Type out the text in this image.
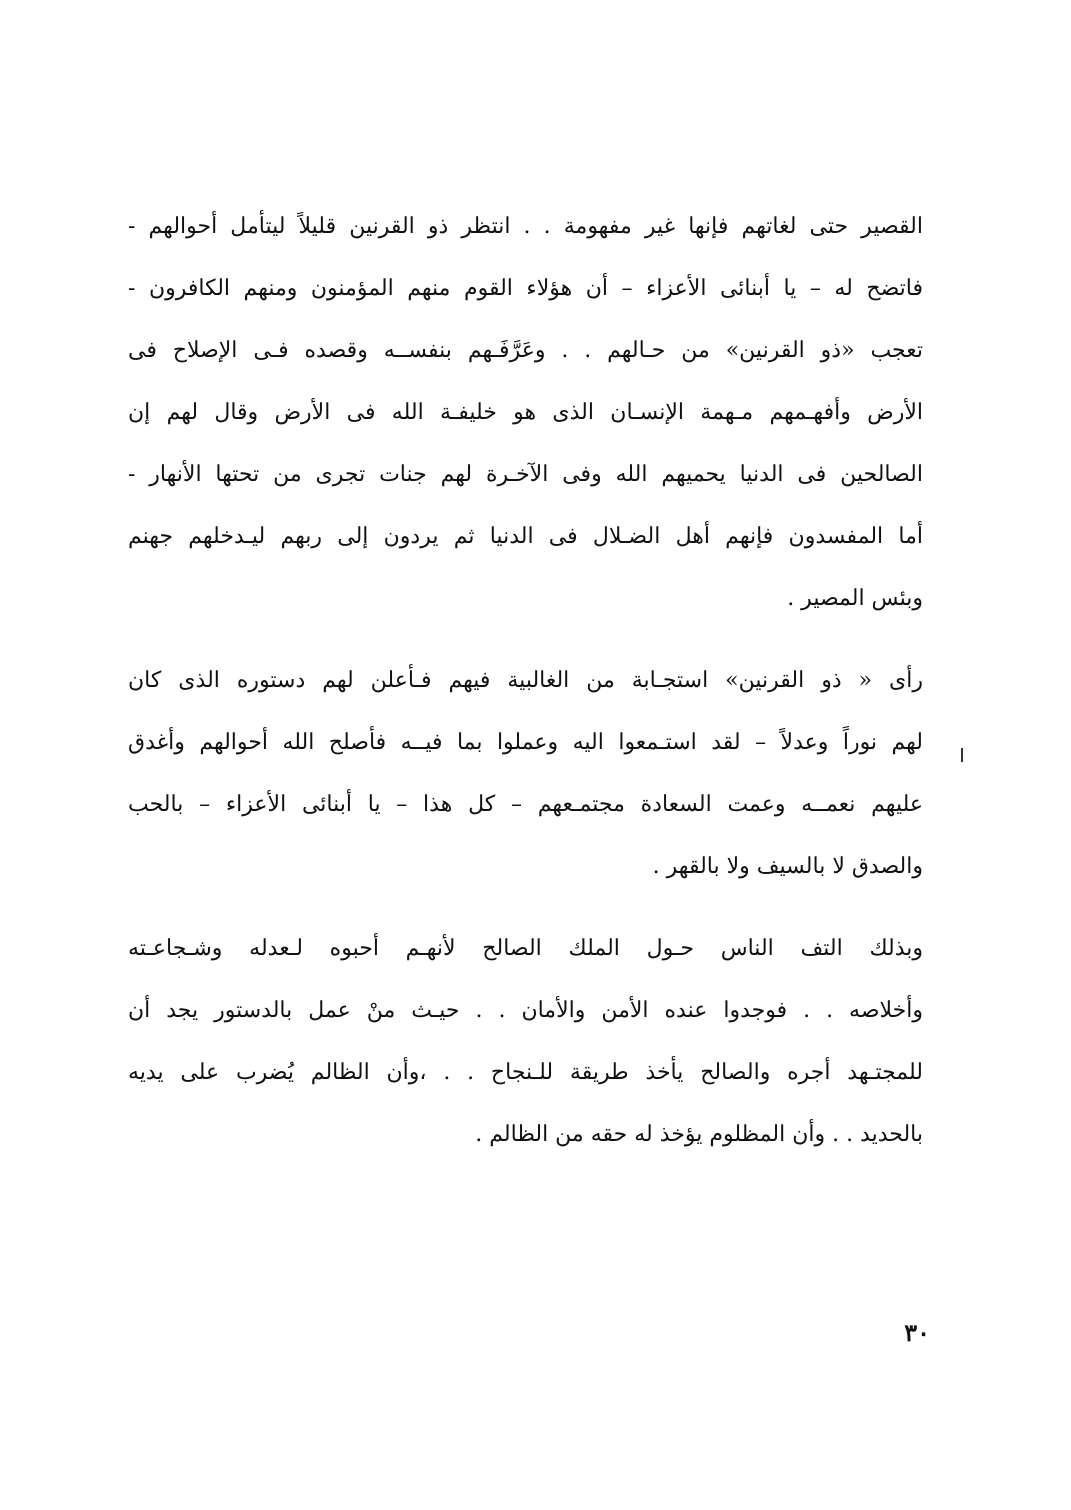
القصير حتى لغاتهم فإنها غير مفهومة . . انتظر ذو القرنين قليلاً ليتأمل أحوالهم -
فاتضح له – يا أبنائى الأعزاء – أن هؤلاء القوم منهم المؤمنون ومنهم الكافرون -
تعجب «ذو القرنين» من حـالهم . . وعَرَّفَـهم بنفســه وقصده فـى الإصلاح فى
الأرض وأفهـمهم مـهمة الإنسـان الذى هو خليفـة الله فى الأرض وقال لهم إن
الصالحين فى الدنيا يحميهم الله وفى الآخـرة لهم جنات تجرى من تحتها الأنهار -
أما المفسدون فإنهم أهل الضـلال فى الدنيا ثم يردون إلى ربهم ليـدخلهم جهنم
وبئس المصير .

رأى « ذو القرنين» استجـابة من الغالبية فيهم فـأعلن لهم دستوره الذى كان
لهم نوراً وعدلاً – لقد استـمعوا اليه وعملوا بما فيــه فأصلح الله أحوالهم وأغدق
عليهم نعمــه وعمت السعادة مجتمـعهم – كل هذا – يا أبنائى الأعزاء – بالحب
والصدق لا بالسيف ولا بالقهر .

وبذلك التف الناس حـول الملك الصالح لأنهـم أحبوه لـعدله وشـجاعـته
وأخلاصه . . فوجدوا عنده الأمن والأمان . . حيـث منْ عمل بالدستور يجد أن
للمجتـهد أجره والصالح يأخذ طريقة للـنجاح . . ،وأن الظالم يُضرب على يديه
بالحديد . . وأن المظلوم يؤخذ له حقه من الظالم .

٣٠
